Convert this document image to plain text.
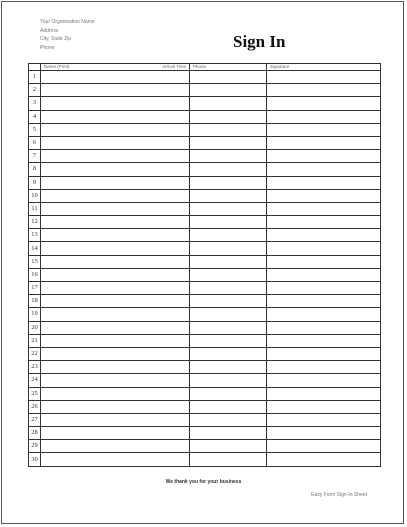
Your Organization Name
Address
City, State Zip
Phone	Sign In
	Name (Print) Arrival Time	Phone	Signature
1			
2			
3			
4			
5			
6			
7			
8			
9			
10			
11			
12			
13			
14			
15			
16			
17			
18			
19			
20			
21			
22			
23			
24			
25			
26			
27			
28			
29			
30			
We thank you for your business
Easy Form Sign-In Sheet
